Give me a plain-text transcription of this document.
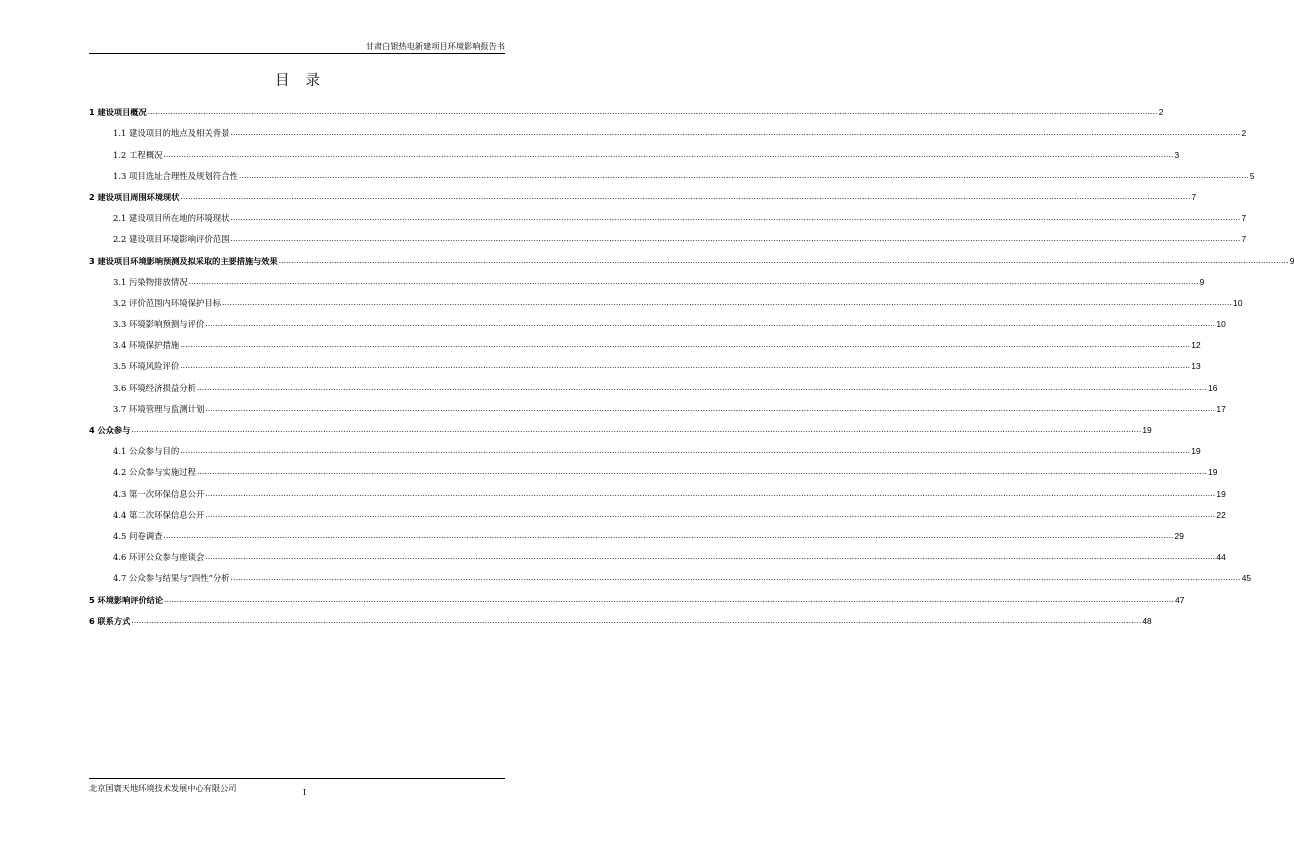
甘肃白银热电新建项目环境影响报告书
目录
1 建设项目概况 ................................................................................................................................................................................................................................................................................................................................................................................................................ 2
1.1 建设项目的地点及相关背景 ................................................................................................................................................................................................................................................................................................................................................................................................................ 2
1.2 工程概况 ................................................................................................................................................................................................................................................................................................................................................................................................................ 3
1.3 项目选址合理性及规划符合性 ................................................................................................................................................................................................................................................................................................................................................................................................................ 5
2 建设项目周围环境现状 ................................................................................................................................................................................................................................................................................................................................................................................................................ 7
2.1 建设项目所在地的环境现状 ................................................................................................................................................................................................................................................................................................................................................................................................................ 7
2.2 建设项目环境影响评价范围 ................................................................................................................................................................................................................................................................................................................................................................................................................ 7
3 建设项目环境影响预测及拟采取的主要措施与效果 ................................................................................................................................................................................................................................................................................................................................................................................................................ 9
3.1 污染物排放情况 ................................................................................................................................................................................................................................................................................................................................................................................................................ 9
3.2 评价范围内环境保护目标 ................................................................................................................................................................................................................................................................................................................................................................................................................ 10
3.3 环境影响预测与评价 ................................................................................................................................................................................................................................................................................................................................................................................................................ 10
3.4 环境保护措施 ................................................................................................................................................................................................................................................................................................................................................................................................................ 12
3.5 环境风险评价 ................................................................................................................................................................................................................................................................................................................................................................................................................ 13
3.6 环境经济损益分析 ................................................................................................................................................................................................................................................................................................................................................................................................................ 16
3.7 环境管理与监测计划 ................................................................................................................................................................................................................................................................................................................................................................................................................ 17
4 公众参与 ................................................................................................................................................................................................................................................................................................................................................................................................................ 19
4.1 公众参与目的 ................................................................................................................................................................................................................................................................................................................................................................................................................ 19
4.2 公众参与实施过程 ................................................................................................................................................................................................................................................................................................................................................................................................................ 19
4.3 第一次环保信息公开 ................................................................................................................................................................................................................................................................................................................................................................................................................ 19
4.4 第二次环保信息公开 ................................................................................................................................................................................................................................................................................................................................................................................................................ 22
4.5 问卷调查 ................................................................................................................................................................................................................................................................................................................................................................................................................ 29
4.6 环评公众参与座谈会 ................................................................................................................................................................................................................................................................................................................................................................................................................ 44
4.7 公众参与结果与“四性”分析 ................................................................................................................................................................................................................................................................................................................................................................................................................ 45
5 环境影响评价结论 ................................................................................................................................................................................................................................................................................................................................................................................................................ 47
6 联系方式 ................................................................................................................................................................................................................................................................................................................................................................................................................ 48
北京国寰天地环境技术发展中心有限公司	I
